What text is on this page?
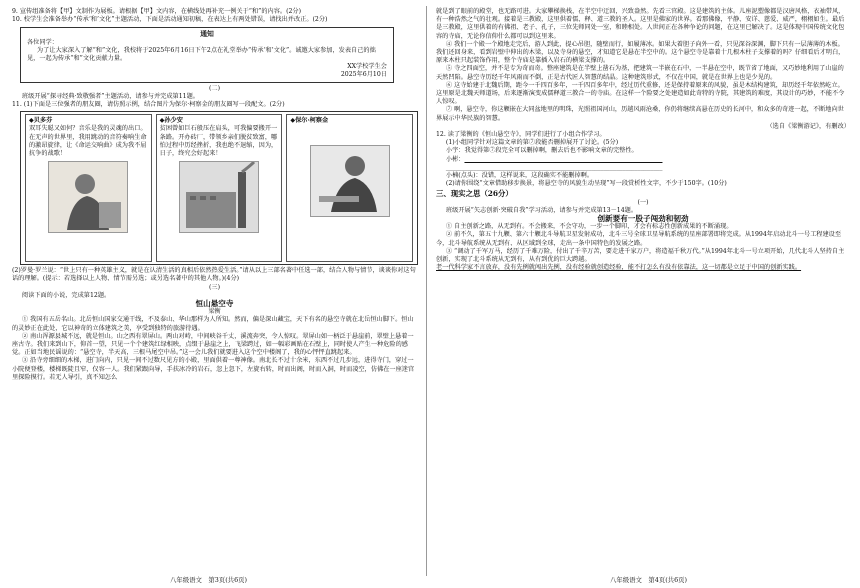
9. 宣传组准备将【甲】文制作为展板。请根据【甲】文内容，在横线处再补充一例关于“和”的内容。(2分)

10. 校学生会准备举办“传承‘和’文化”主题活动，下面是活动通知初稿，在表达上有两处错误，请找出并改正。(2分)

通知

各位同学：

为了让大家深入了解“和”文化，我校将于2025年6月16日下午2点在礼堂举办“传承‘和’文化”。诚邀大家参加，发表自己的拙见，一起为传承“和”文化贡献力量。

XX学校学生会

2025年6月10日

(二)

班级开展“探寻经典·致敬强者”主题活动，请参与并完成第11题。

11. (1)下面是三位强者的朋友圈，请仿照示例，结合图片为保尔·柯察金的朋友圈写一段配文。(2分)

◆贝多芬
双耳失聪又如何？音乐是我的灵魂的出口。在无声的世界里，我用跳动的音符奏响生命的激昂旋律，让《命运交响曲》成为我不屈抗争的战歌！
◆孙少安
贫困曾如巨石般压在肩头，可我偏要搬开一条路。开办砖厂，带领乡亲们脱贫致富，哪怕过程中历经挫折，我也绝不退缩，因为，日子，终究会好起来！
◆保尔·柯察金

(2)罗曼·罗兰说：“世上只有一种英雄主义，就是在认清生活的真相后依然热爱生活。”请从以上三部名著中任选一部，结合人物与情节，谈谈你对这句话的理解。(提示：若选择以上人物、情节需另选；或另选名著中的其他人物。)(4分)

(三)

阅读下面的小说，完成第12题。

恒山悬空寺

梁衡

① 我国有五岳名山。北岳恒山国家交通干线，不及泰山、华山那样为人所知。然而，偏是深山藏宝，天下有名的悬空寺就在北岳恒山脚下。恒山的灵妙正在此处，它以神奇的立体建筑之美，享受到独特的旅游待遇。

② 南山浑源县城不远，就是恒山。山之西有翠屏山。两山对峙，中间峡谷千丈，溪流奔突，令人惊叹。翠屏山如一柄泛于悬崖前，翠壁上悬着一座古寺。我们来到山下，仰首一望，只见一个个建筑红绿相映，点缀于悬崖之上，飞梁跨过，如一幅彩画贴在石壁上，同时使人产生一种危险的感觉。正如当地民谣说的：“悬空寺，半天高，三根马尾空中吊。”这一会儿我们就要进入这个空中楼阁了，我的心怦怦直跳起来。

③ 沿寺旁细细的木梯，进门向内，只见一间不过数尺见方的小殿，里面供着一尊神像。南北长不过十余米，东西不过几步远，进得寺门，穿过一小院便登楼，楼梯既陡且窄，仅容一人。我们紧跟向导，手扶冰冷的岩石，忽上忽下，左旋右转，时而出阁，时而入洞，时而凌空，仿佛在一座迷宫里探险摸行。若无人导引，真不知怎么

八年级语文　第3页(共6页)

就是到了眼前的殿堂，也无路可进。大家攀梯换栈，在半空中迂回，兴致盎然。先看三官殿。这是建筑的主体。儿座泥塑像都是汉唐风格，衣袖带风，有一种浩然之气的壮观。接着是三教殿，这里供着儒、释、道三教的圣人。这里是佛家的世界。看那佛像，平静、安详、慈爱、威严，栩栩如生。最后是三教殿，这里供着的有佛祖、老子、孔子，三位先师同处一室，和睦相处。人世间正在各种争论的问题，在这里已解决了。这是体现中国传统文化包容的寺庙，无论你信仰什么都可以到这里来。

④ 我们一个殿一个殿地走完后，游人到此，提心吊胆，随壁而行，如履薄冰。如果大着胆子向外一看，只见深谷深渊，脚下只有一层薄薄的木板。我们还回身来，看到岩壁中伸出的木梁，以及寺身的悬空，才知道它是悬在半空中的。这个悬空寺是靠着十几根木柱子支撑着的吗？仔细看后才明白，原来木柱只起装饰作用，整个寺庙是靠插入岩石的横梁支撑的。

⑤ 寺之四面空，并不是专为奇而奇。整座建筑是在半壁上凿石为基，把建筑一半嵌在石中，一半悬在空中，既节省了地面，又巧妙地利用了山崖的天然凹陷。悬空寺历经千年风雨而不倒，正是古代匠人智慧的结晶。这种建筑形式，不仅在中国，就是在世界上也是少见的。

⑥ 这寺始建于北魏后期，距今一千四百多年，一千四百多年中，经过历代重修，还是保持着原来的风貌，虽是木结构建筑，却历经千年依然屹立。这里原是北魏天师道场，后来逐渐演变成儒释道三教合一的寺庙。在这样一个险要之处建造如此奇特的寺院，其建筑的难度，其设计的巧妙，不能不令人惊叹。

⑦ 啊，悬空寺，你这颗嵌在大同盆地里的明珠，光照祖国河山，历越风雨沧桑，你仍将继续高悬在历史的长河中，和众多的奇迹一起，不断地向世界展示中华民族的智慧。

（选自《梁衡游记》，有删改）

12. 读了梁衡的《恒山悬空寺》，同学们进行了小组合作学习。

(1)小组同学针对这篇文章的第⑦段能否删掉展开了讨论。(5分)

小宇：我觉得第⑦段完全可以删掉啊，删去后也不影响文章的完整性。

小彬：________________________________________________________________

______________________________________________________________________

小楠(点头)：没错，这样说来，这段确实不能删掉啊。

(2)请你围绕“文章借助移步换景，将悬空寺的风貌生动呈现”写一段赏析性文字，不少于150字。(10分)

三、现实之思（26分）

(一)

班级开展“矢志创新·突破自我”学习活动，请参与并完成第13－14题。

创新要有一股子闯劲和韧劲

① 自主创新之路，从无到有。不会搬来，不会守功，一步一个脚印，才会有标志性创新成果的不断涌现。

② 前不久，第五十九颗、第六十颗北斗导航卫星发射成功，北斗三号全球卫星导航系统的星座部署即将完成。从1994年启动北斗一号工程建设至今，北斗导航系统从无到有、从区域到全球，走出一条中国特色的发展之路。

③ “调动了千军万马，经历了千难万险，付出了千辛万苦，要走进千家万户，将造福千秋万代。”从1994年北斗一号立项开始，几代北斗人坚持自主创新，实现了北斗系统从无到有，从有到优的巨大跨越。

老一代科学家不言放弃，没有先例就闯出先例，没有经验就创造经验，能不打怎么有没有依靠法，这一切都是立足于中国的创新实践。

八年级语文　第4页(共6页)
